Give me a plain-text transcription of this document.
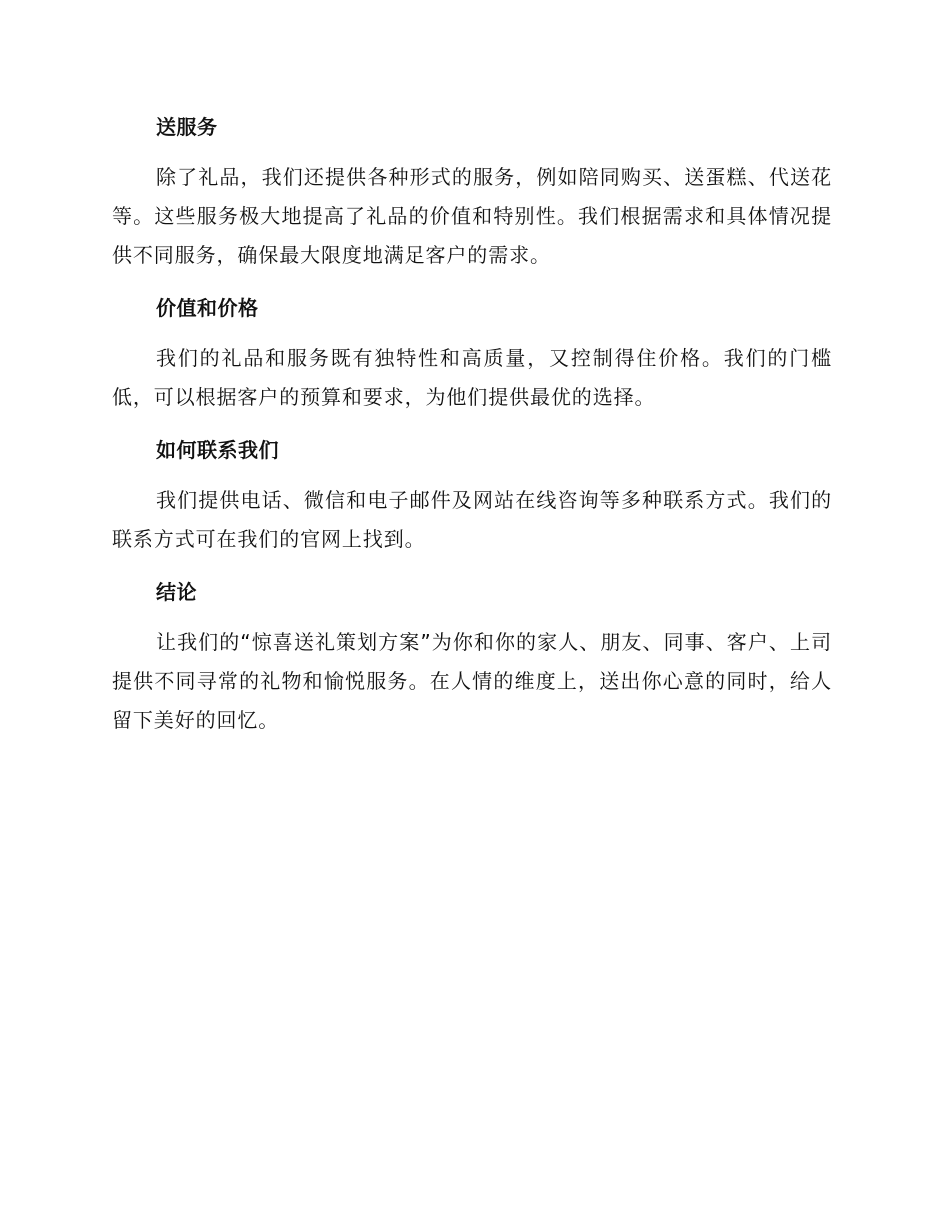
送服务

除了礼品，我们还提供各种形式的服务，例如陪同购买、送蛋糕、代送花等。这些服务极大地提高了礼品的价值和特别性。我们根据需求和具体情况提供不同服务，确保最大限度地满足客户的需求。

价值和价格

我们的礼品和服务既有独特性和高质量，又控制得住价格。我们的门槛低，可以根据客户的预算和要求，为他们提供最优的选择。

如何联系我们

我们提供电话、微信和电子邮件及网站在线咨询等多种联系方式。我们的联系方式可在我们的官网上找到。

结论

让我们的“惊喜送礼策划方案”为你和你的家人、朋友、同事、客户、上司提供不同寻常的礼物和愉悦服务。在人情的维度上，送出你心意的同时，给人留下美好的回忆。
